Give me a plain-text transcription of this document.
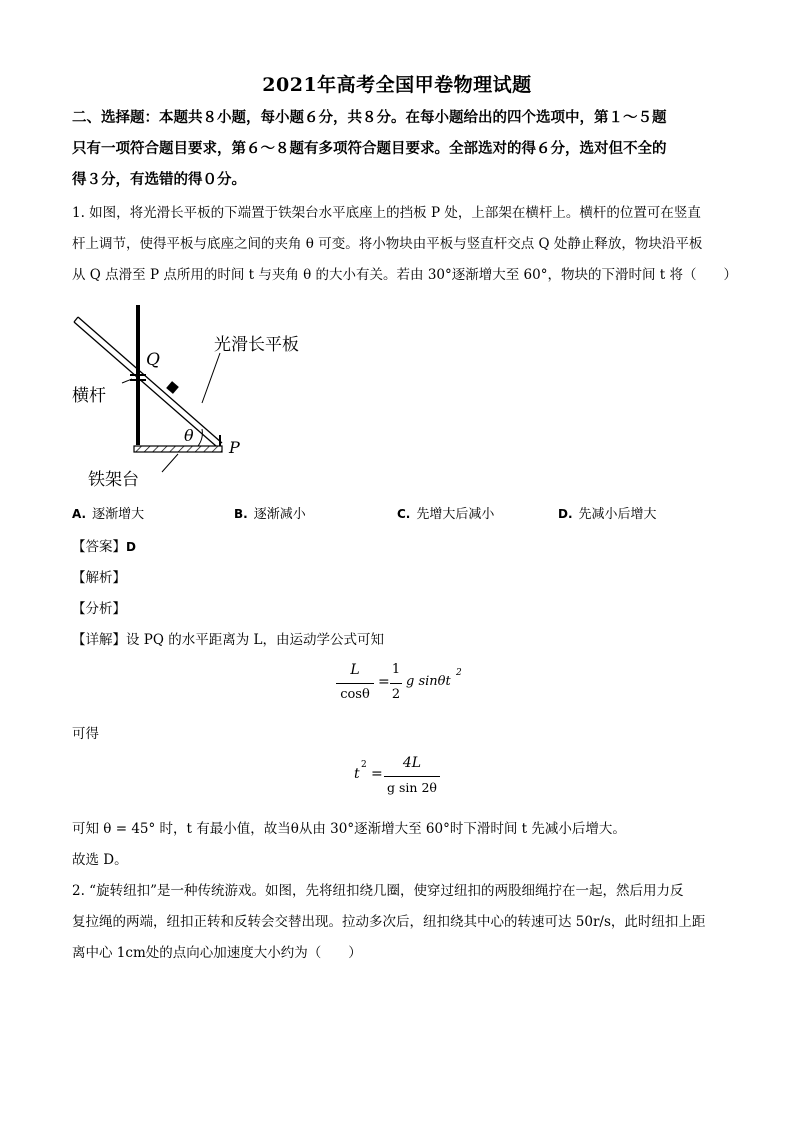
2021年高考全国甲卷物理试题
二、选择题：本题共８小题，每小题６分，共８分。在每小题给出的四个选项中，第１～５题
只有一项符合题目要求，第６～８题有多项符合题目要求。全部选对的得６分，选对但不全的
得３分，有选错的得０分。
1. 如图，将光滑长平板的下端置于铁架台水平底座上的挡板 P 处，上部架在横杆上。横杆的位置可在竖直
杆上调节，使得平板与底座之间的夹角 θ 可变。将小物块由平板与竖直杆交点 Q 处静止释放，物块沿平板
从 Q 点滑至 P 点所用的时间 t 与夹角 θ 的大小有关。若由 30°逐渐增大至 60°，物块的下滑时间 t 将（　　）
光滑长平板
横杆
铁架台
Q
P
θ
A. 逐渐增大	B. 逐渐减小	C. 先增大后减小	D. 先减小后增大
【答案】D
【解析】
【分析】
【详解】设 PQ 的水平距离为 L，由运动学公式可知
L
cosθ
=
1
2
g sinθt
2
可得
t
2
=
4L
g sin 2θ
可知 θ = 45° 时，t 有最小值，故当θ从由 30°逐渐增大至 60°时下滑时间 t 先减小后增大。
故选 D。
2. “旋转纽扣”是一种传统游戏。如图，先将纽扣绕几圈，使穿过纽扣的两股细绳拧在一起，然后用力反
复拉绳的两端，纽扣正转和反转会交替出现。拉动多次后，纽扣绕其中心的转速可达 50r/s，此时纽扣上距
离中心 1cm处的点向心加速度大小约为（　　）
